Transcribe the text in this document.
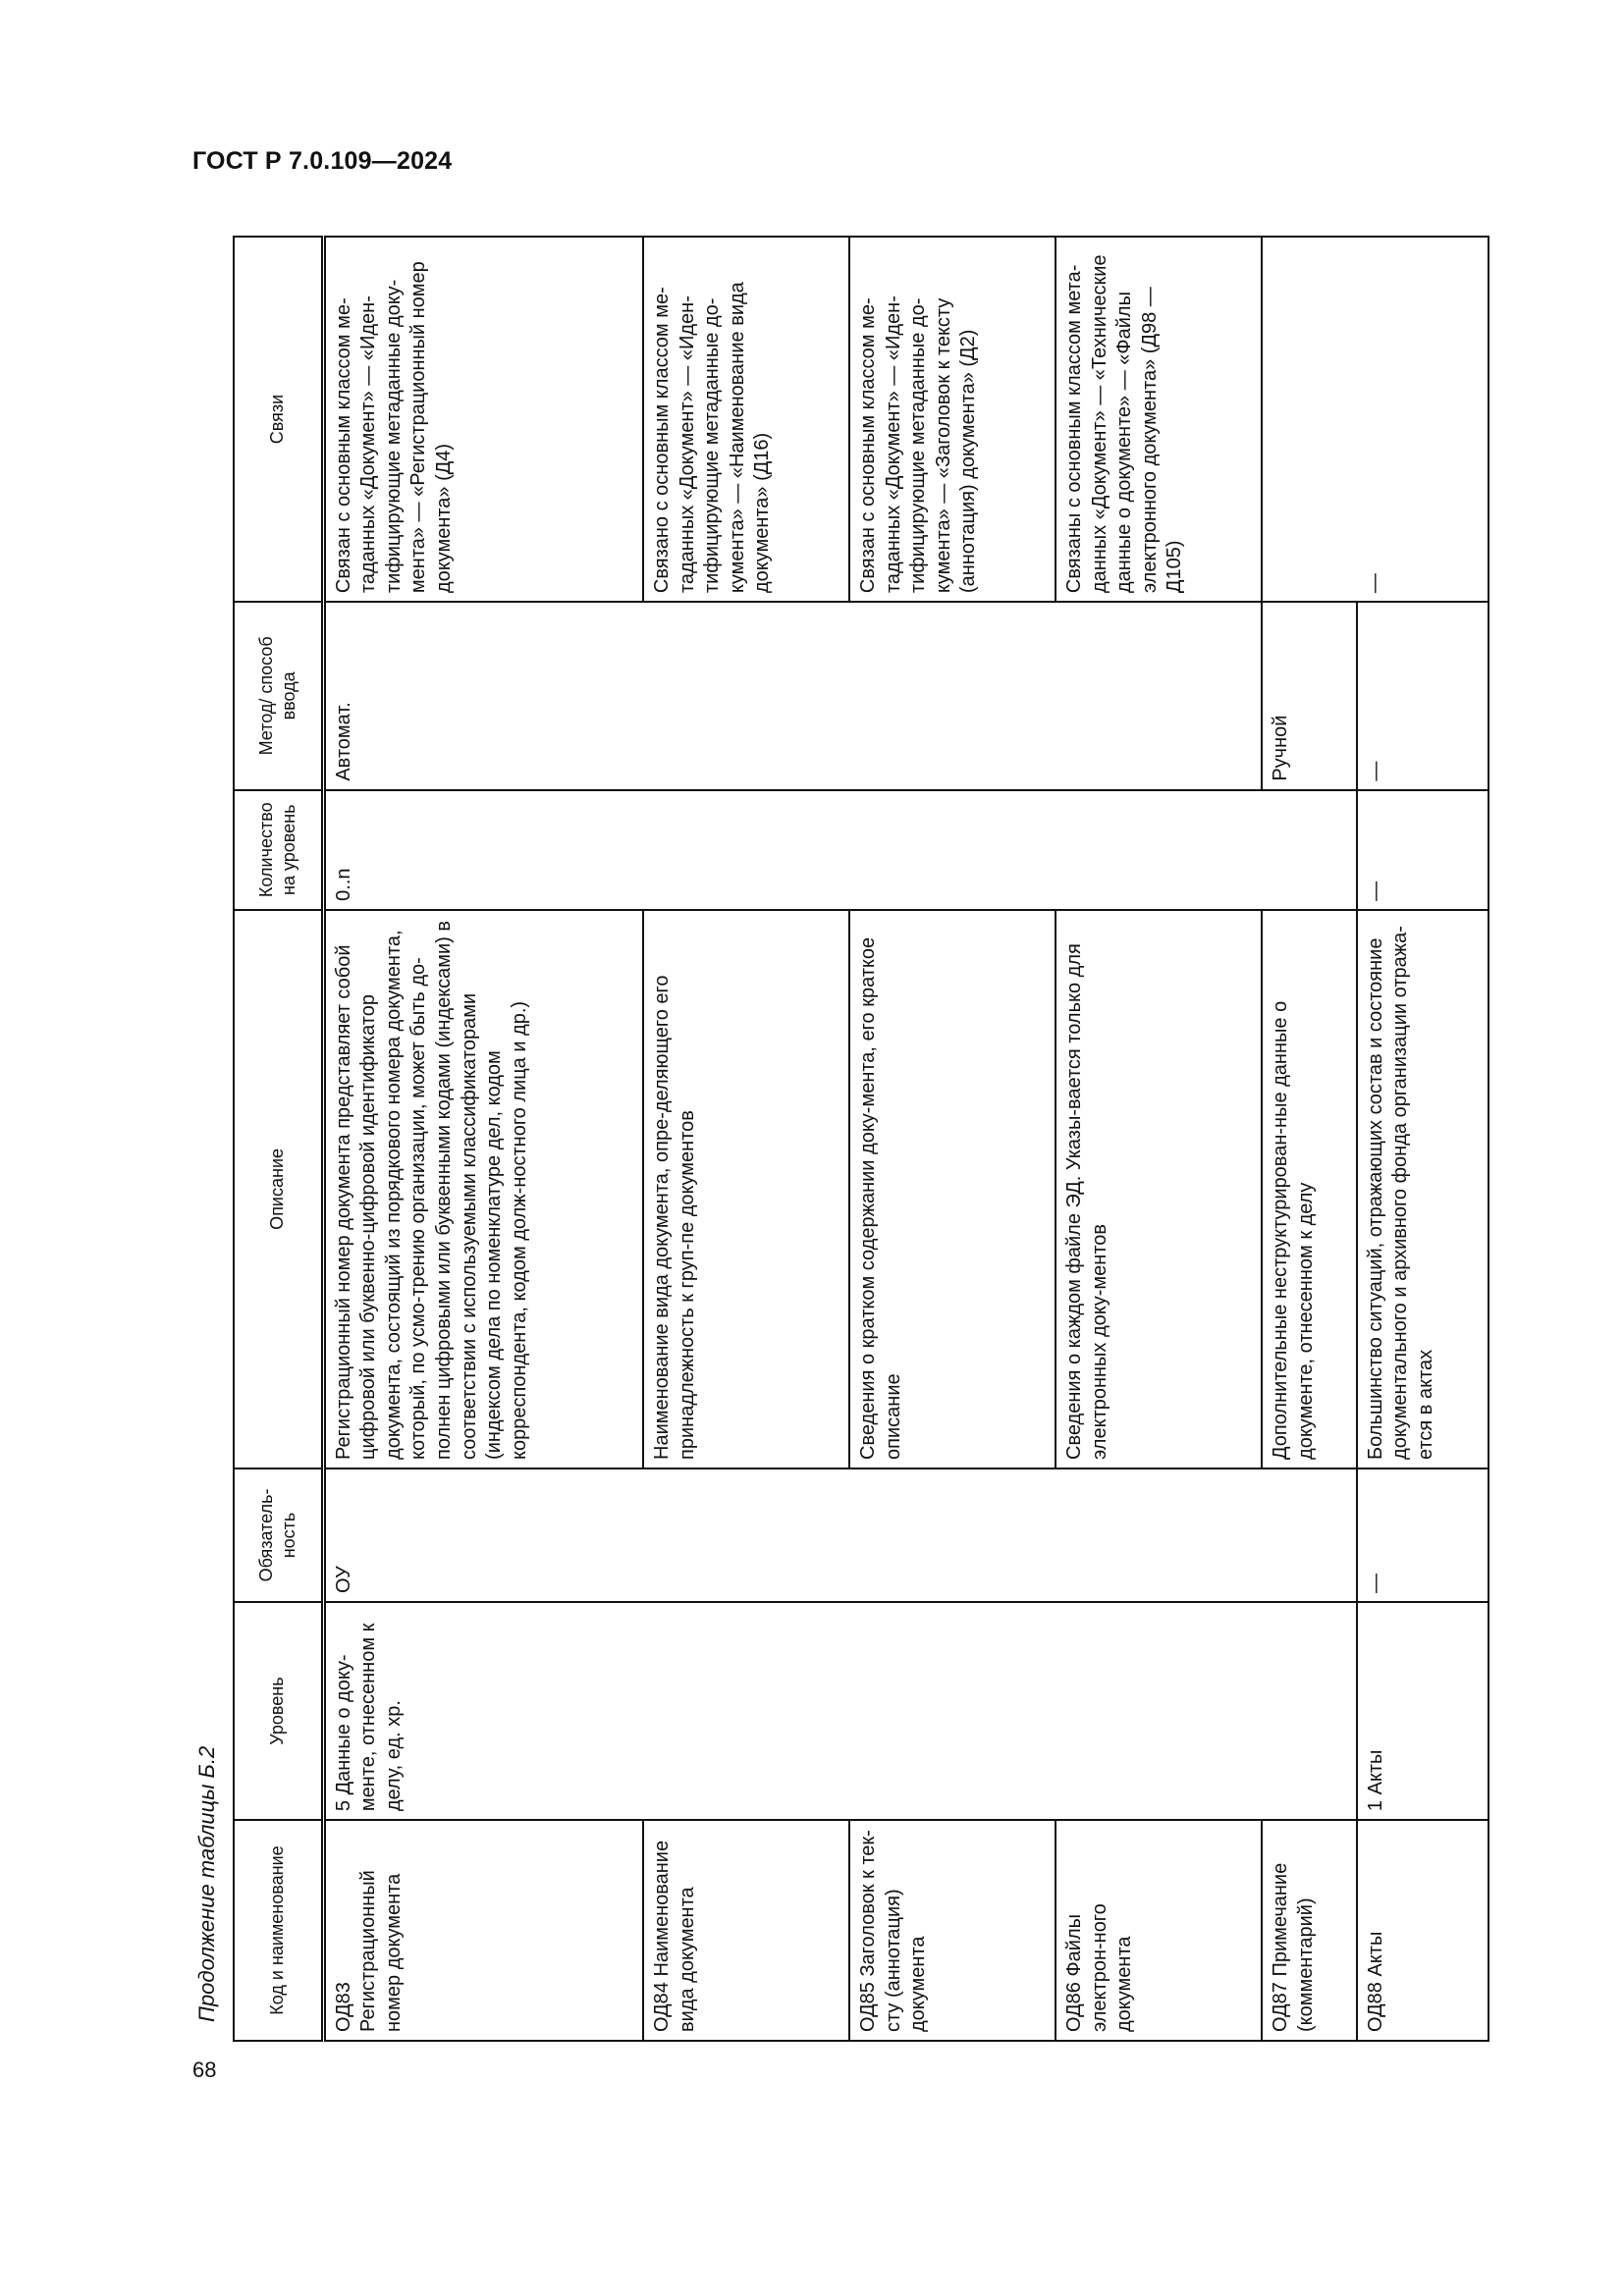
ГОСТ Р 7.0.109—2024
Продолжение таблицы Б.2
68
Код и наименование	Уровень	Обязатель-ность	Описание	Количество на уровень	Метод/ способ ввода	Связи
ОД83 Регистрационный номер документа	5 Данные о доку-менте, отнесенном к делу, ед. хр.	ОУ	Регистрационный номер документа представляет собой цифровой или буквенно-цифровой идентификатор документа, состоящий из порядкового номера документа, который, по усмо-трению организации, может быть до-полнен цифровыми или буквенными кодами (индексами) в соответствии с используемыми классификаторами (индексом дела по номенклатуре дел, кодом корреспондента, кодом долж-ностного лица и др.)	0..n	Автомат.	Связан с основным классом ме-таданных «Документ» — «Иден-тифицирующие метаданные доку-мента» — «Регистрационный номер документа» (Д4)
ОД84 Наименование вида документа			Наименование вида документа, опре-деляющего его принадлежность к груп-пе документов			Связано с основным классом ме-таданных «Документ» — «Иден-тифицирующие метаданные до-кумента» — «Наименование вида документа» (Д16)
ОД85 Заголовок к тек-сту (аннотация) документа			Сведения о кратком содержании доку-мента, его краткое описание			Связан с основным классом ме-таданных «Документ» — «Иден-тифицирующие метаданные до-кумента» — «Заголовок к тексту (аннотация) документа» (Д2)
ОД86 Файлы электрон-ного документа			Сведения о каждом файле ЭД. Указы-вается только для электронных доку-ментов			Связаны с основным классом мета-данных «Документ» — «Технические данные о документе» — «Файлы электронного документа» (Д98 — Д105)
ОД87 Примечание (комментарий)			Дополнительные неструктурирован-ные данные о документе, отнесенном к делу		Ручной	—
ОД88 Акты	1 Акты	—	Большинство ситуаций, отражающих состав и состояние документального и архивного фонда организации отража-ется в актах	—	—	
